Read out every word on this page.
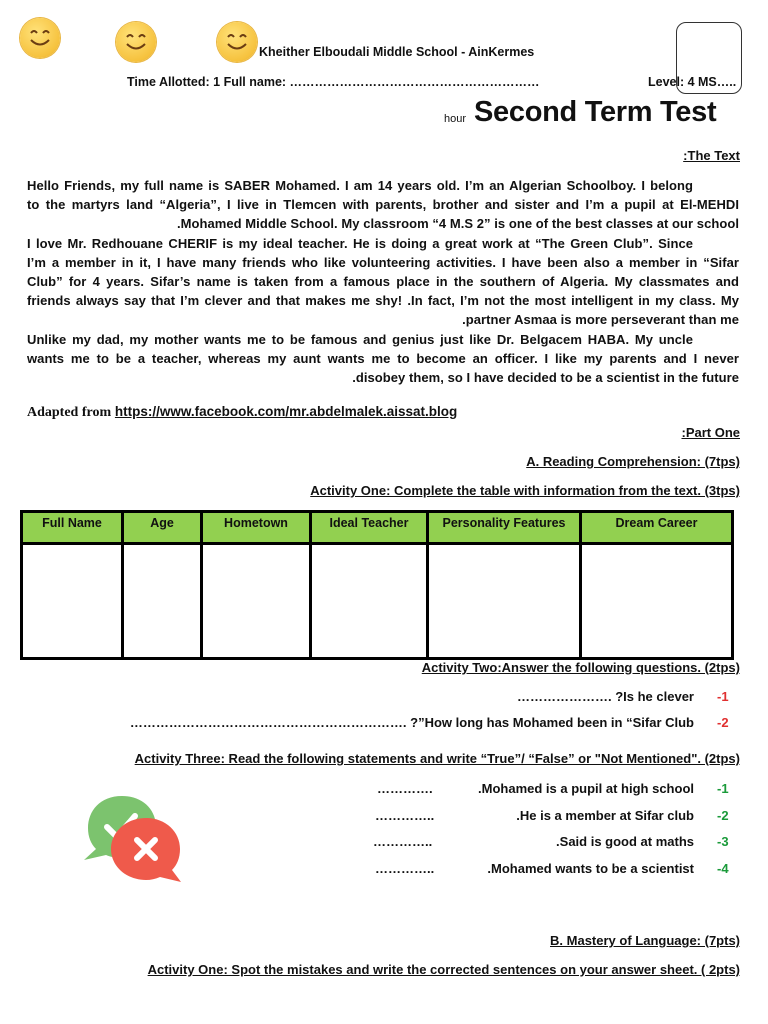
Kheither Elboudali Middle School - AinKermes
Time Allotted: 1 Full name: ……………………………………………………	Level: 4 MS…..
hour Second Term Test
:The Text
Hello Friends, my full name is SABER Mohamed. I am 14 years old. I’m an Algerian Schoolboy. I belong
to the martyrs land “Algeria”, I live in Tlemcen with parents, brother and sister and I’m a pupil at El-MEHDI
.Mohamed Middle School. My classroom “4 M.S 2” is one of the best classes at our school
I love Mr. Redhouane CHERIF is my ideal teacher. He is doing a great work at “The Green Club”. Since
I’m a member in it, I have many friends who like volunteering activities. I have been also a member in “Sifar
Club” for 4 years. Sifar’s name is taken from a famous place in the southern of Algeria. My classmates and
friends always say that I’m clever and that makes me shy! .In fact, I’m not the most intelligent in my class. My
.partner Asmaa is more perseverant than me
Unlike my dad, my mother wants me to be famous and genius just like Dr. Belgacem HABA. My uncle
wants me to be a teacher, whereas my aunt wants me to become an officer. I like my parents and I never
.disobey them, so I have decided to be a scientist in the future
Adapted from https://www.facebook.com/mr.abdelmalek.aissat.blog
:Part One
A. Reading Comprehension: (7tps)
Activity One: Complete the table with information from the text. (3tps)
Full Name	Age	Hometown	Ideal Teacher	Personality Features	Dream Career

Activity Two:Answer the following questions. (2tps)
…………………. ?Is he clever -1
………………………………………………………. ?”How long has Mohamed been in “Sifar Club -2
Activity Three: Read the following statements and write “True”/ “False” or "Not Mentioned". (2tps)
………….	.Mohamed is a pupil at high school -1
…………..	.He is a member at Sifar club -2
…………..	.Said is good at maths -3
…………..	.Mohamed wants to be a scientist -4
B. Mastery of Language: (7pts)
Activity One: Spot the mistakes and write the corrected sentences on your answer sheet. ( 2pts)
